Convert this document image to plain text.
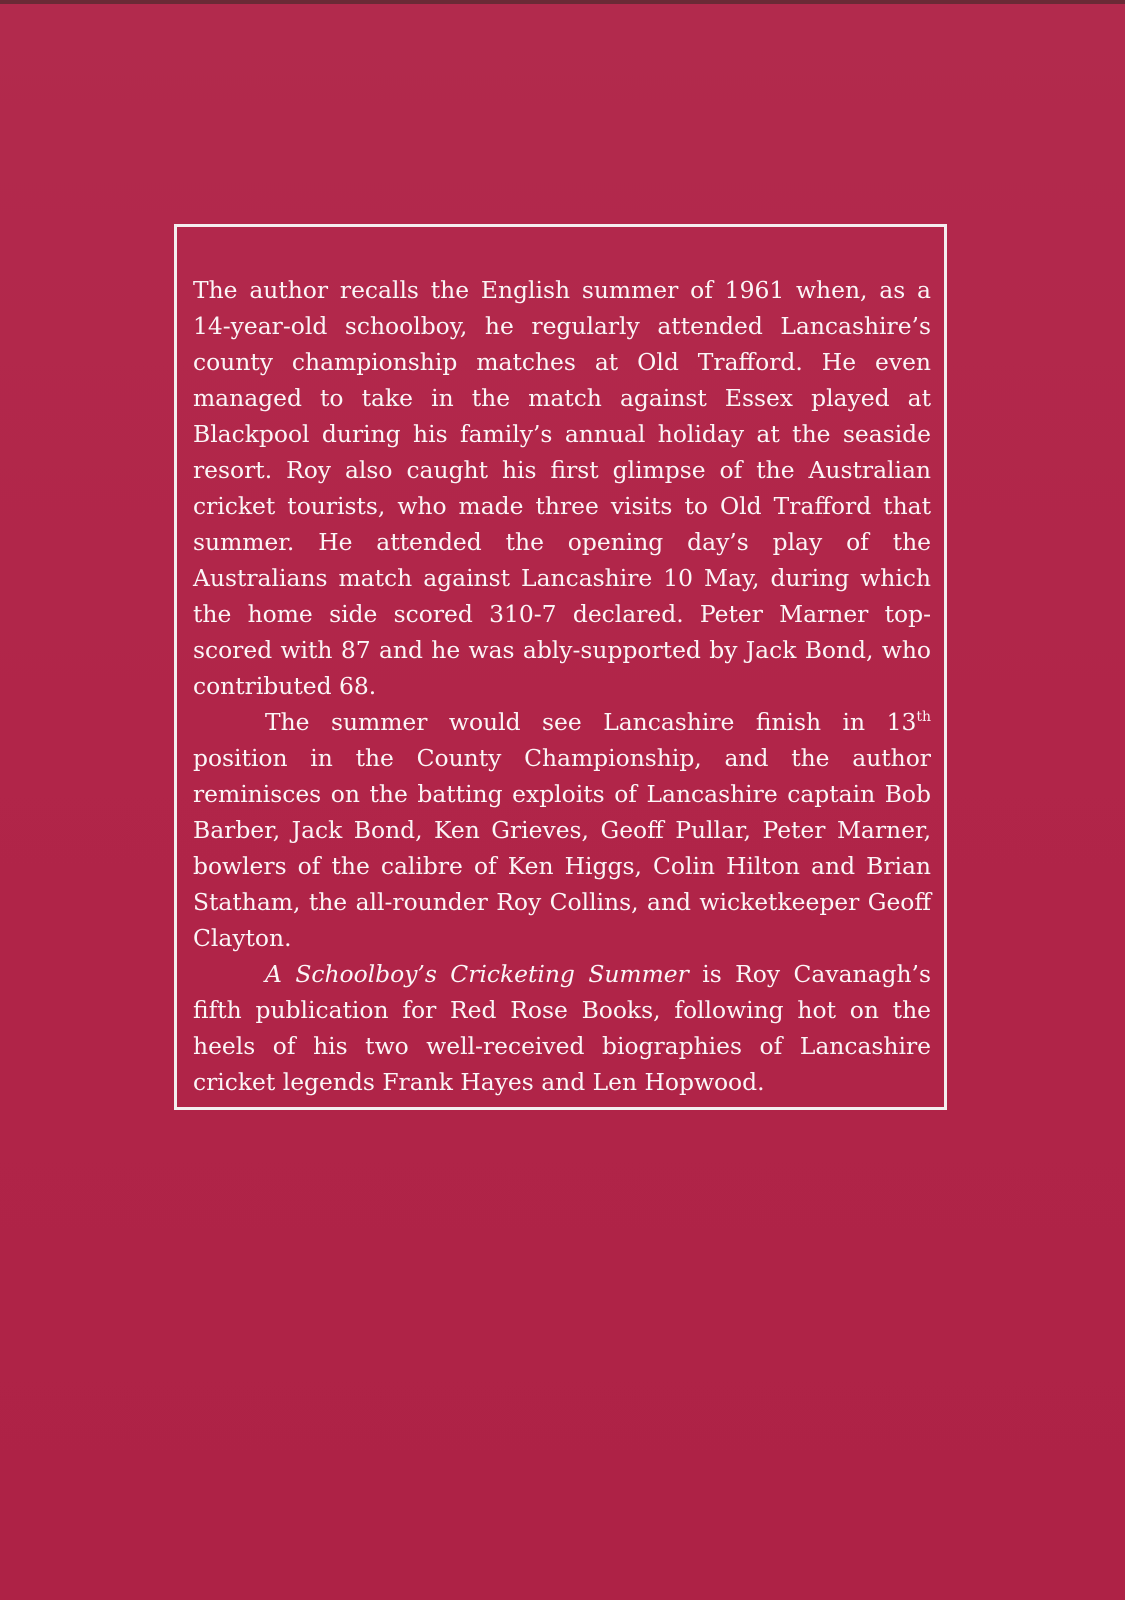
The author recalls the English summer of 1961 when, as a 14-year-old schoolboy, he regularly attended Lancashire’s county championship matches at Old Trafford. He even managed to take in the match against Essex played at Blackpool during his family’s annual holiday at the seaside resort. Roy also caught his first glimpse of the Australian cricket tourists, who made three visits to Old Trafford that summer. He attended the opening day’s play of the Australians match against Lancashire 10 May, during which the home side scored 310-7 declared. Peter Marner top-scored with 87 and he was ably-supported by Jack Bond, who contributed 68.

The summer would see Lancashire finish in 13th position in the County Championship, and the author reminisces on the batting exploits of Lancashire captain Bob Barber, Jack Bond, Ken Grieves, Geoff Pullar, Peter Marner, bowlers of the calibre of Ken Higgs, Colin Hilton and Brian Statham, the all-rounder Roy Collins, and wicketkeeper Geoff Clayton.

A Schoolboy’s Cricketing Summer is Roy Cavanagh’s fifth publication for Red Rose Books, following hot on the heels of his two well-received biographies of Lancashire cricket legends Frank Hayes and Len Hopwood.
